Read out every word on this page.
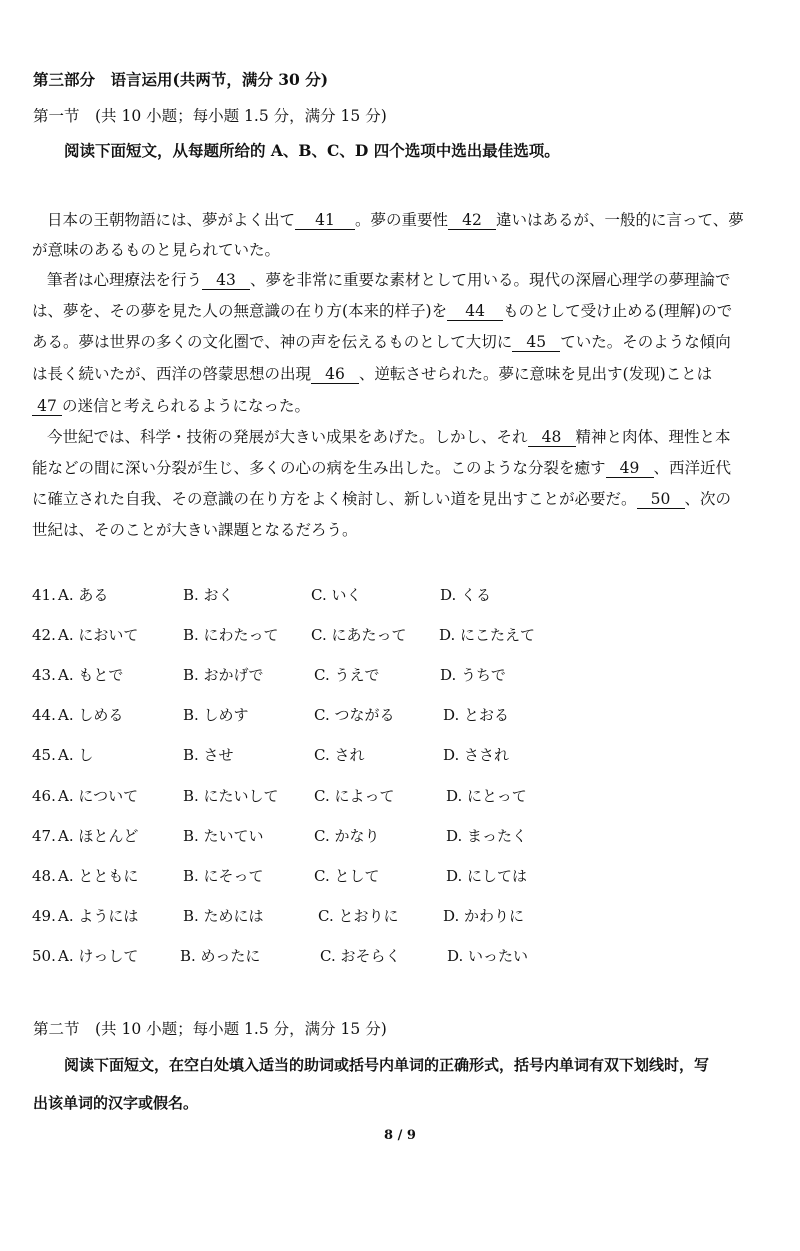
第三部分　语言运用(共两节，满分 30 分)
第一节　(共 10 小题；每小题 1.5 分，满分 15 分)
阅读下面短文，从每题所给的 A、B、C、D 四个选项中选出最佳选项。
日本の王朝物語には、夢がよく出て 41 。夢の重要性 42 違いはあるが、一般的に言って、夢
が意味のあるものと見られていた。
筆者は心理療法を行う 43 、夢を非常に重要な素材として用いる。現代の深層心理学の夢理論で
は、夢を、その夢を見た人の無意識の在り方(本来的样子)を 44 ものとして受け止める(理解)ので
ある。夢は世界の多くの文化圏で、神の声を伝えるものとして大切に 45 ていた。そのような傾向
は長く続いたが、西洋の啓蒙思想の出現 46 、逆転させられた。夢に意味を見出す(发现)ことは
47 の迷信と考えられるようになった。
今世紀では、科学・技術の発展が大きい成果をあげた。しかし、それ 48 精神と肉体、理性と本
能などの間に深い分裂が生じ、多くの心の病を生み出した。このような分裂を癒す 49 、西洋近代
に確立された自我、その意識の在り方をよく検討し、新しい道を見出すことが必要だ。 50 、次の
世紀は、そのことが大きい課題となるだろう。
41. A. ある	B. おく	C. いく	D. くる
42. A. において	B. にわたって C. にあたって D. にこたえて
43. A. もとで	B. おかげで	C. うえで	D. うちで
44. A. しめる	B. しめす	C. つながる	D. とおる
45. A. し	B. させ	C. され	D. さされ
46. A. について	B. にたいして C. によって	D. にとって
47. A. ほとんど	B. たいてい	C. かなり	D. まったく
48. A. とともに	B. にそって	C. として	D. にしては
49. A. ようには	B. ためには	C. とおりに	D. かわりに
50. A. けっして	B. めったに	C. おそらく	D. いったい
第二节　(共 10 小题；每小题 1.5 分，满分 15 分)
阅读下面短文，在空白处填入适当的助词或括号内单词的正确形式，括号内单词有双下划线时，写
出该单词的汉字或假名。
8 / 9
